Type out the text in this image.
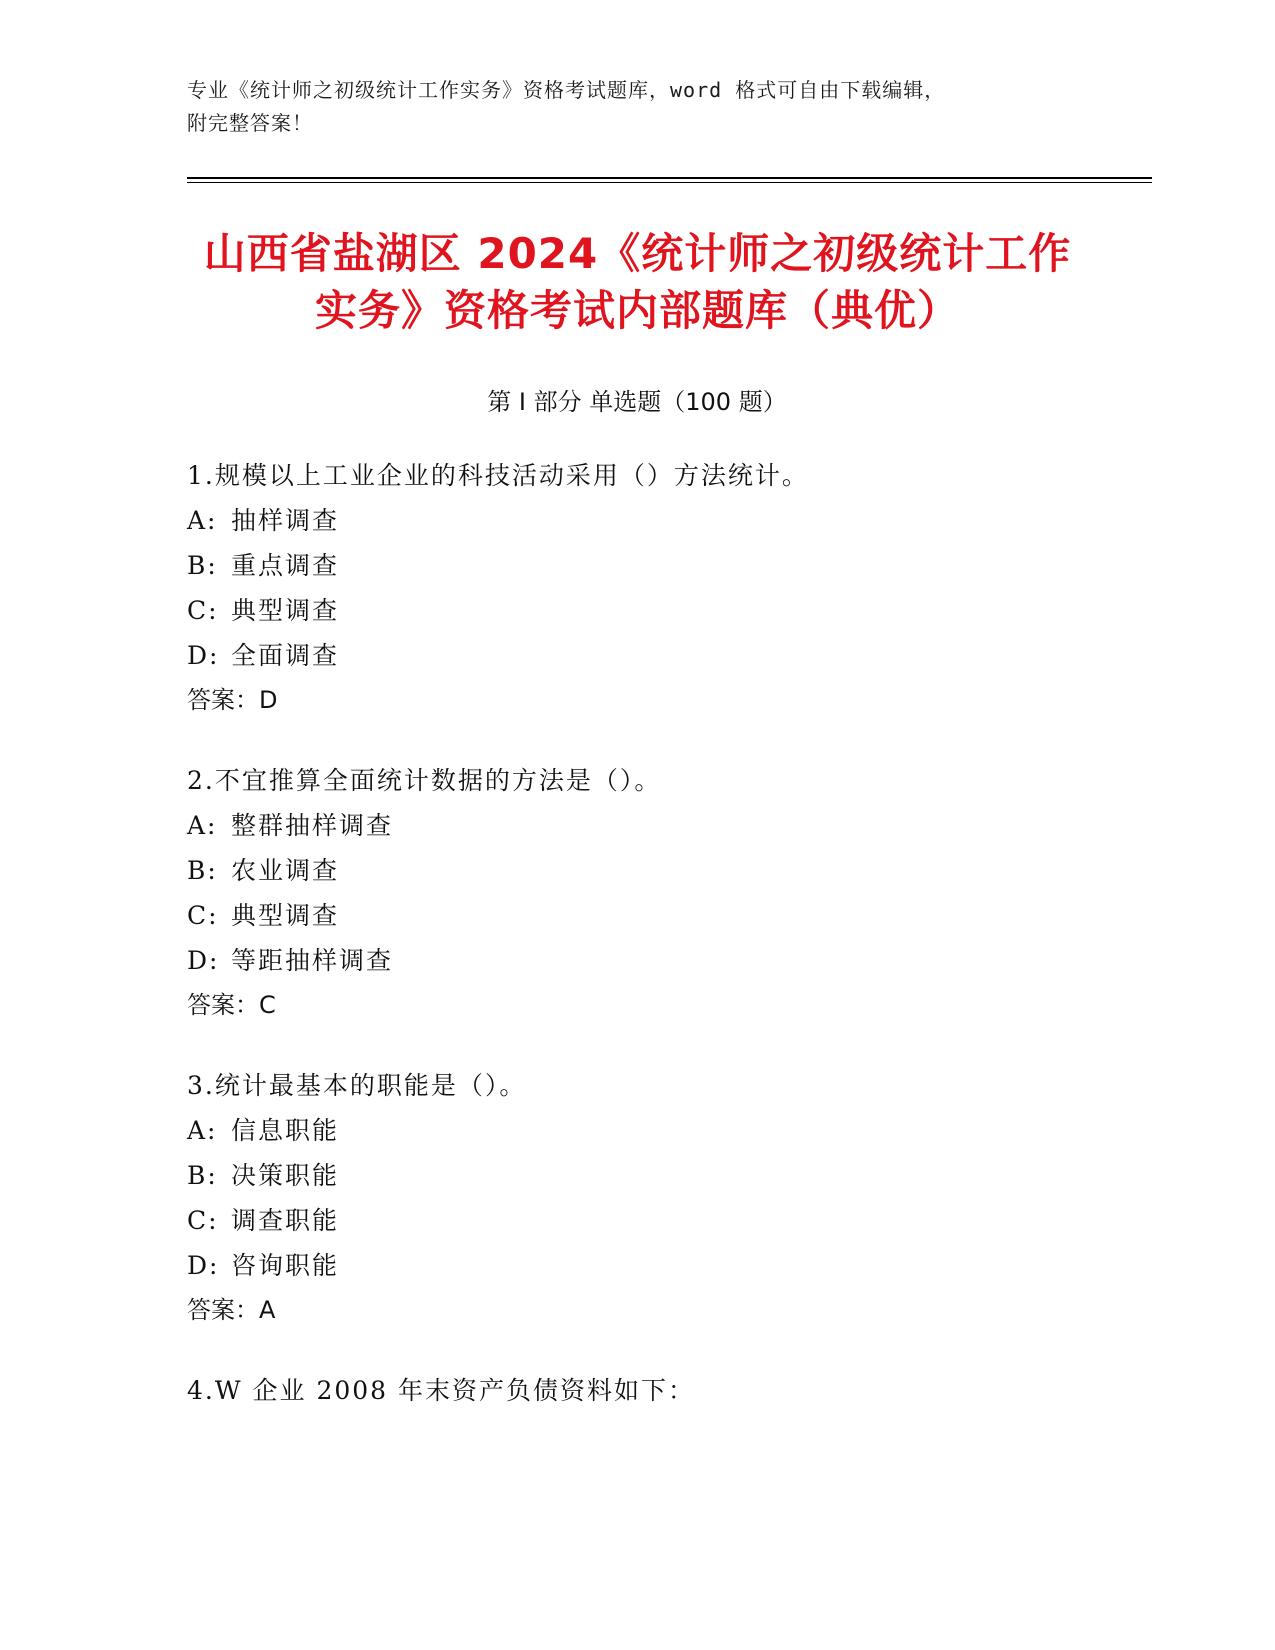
专业《统计师之初级统计工作实务》资格考试题库，word 格式可自由下载编辑，
附完整答案！
山西省盐湖区 2024《统计师之初级统计工作
实务》资格考试内部题库（典优）
第 I 部分 单选题（100 题）
1.规模以上工业企业的科技活动采用（）方法统计。
A: 抽样调查
B: 重点调查
C: 典型调查
D: 全面调查
答案：D
2.不宜推算全面统计数据的方法是（）。
A: 整群抽样调查
B: 农业调查
C: 典型调查
D: 等距抽样调查
答案：C
3.统计最基本的职能是（）。
A: 信息职能
B: 决策职能
C: 调查职能
D: 咨询职能
答案：A
4.W 企业 2008 年末资产负债资料如下：
